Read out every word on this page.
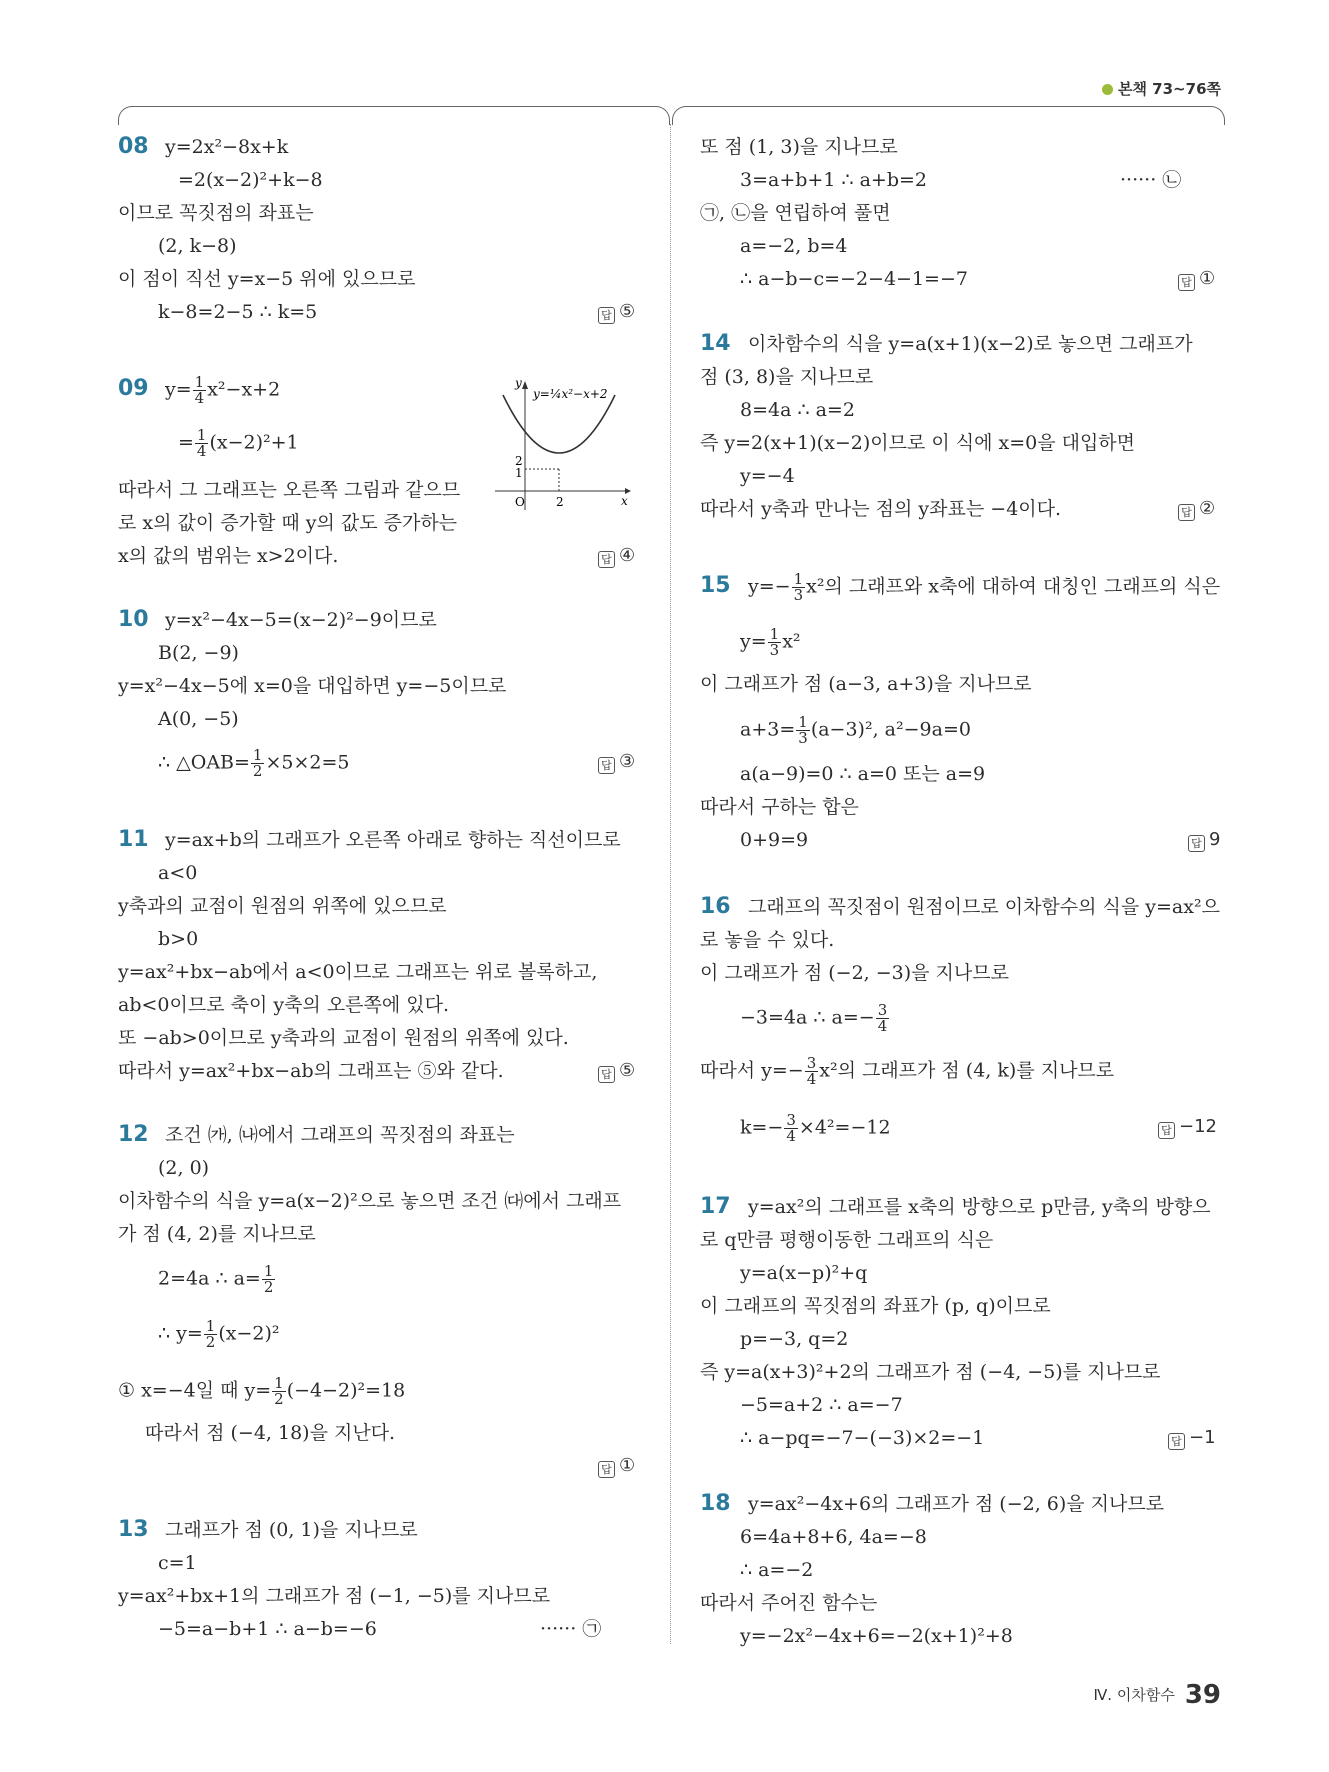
본책 73~76쪽
08 y=2x²−8x+k
=2(x−2)²+k−8
이므로 꼭짓점의 좌표는
(2, k−8)
이 점이 직선 y=x−5 위에 있으므로
k−8=2−5 ∴ k=5	답 ⑤
09 $y= \frac{1}{4} x^2-x+2$
= $\frac{1}{4} (x-2)^2+1$
따라서 그 그래프는 오른쪽 그림과 같으므
로 x의 값이 증가할 때 y의 값도 증가하는
x의 값의 범위는 x>2이다.	답 ④
y
y=¼x²−x+2
O	2
2
1
x
10 y=x²−4x−5=(x−2)²−9이므로
B(2, −9)
y=x²−4x−5에 x=0을 대입하면 y=−5이므로
A(0, −5)
∴ △OAB= $\frac{1}{2} \times 5\times 2=5$	답 ③
11 y=ax+b의 그래프가 오른쪽 아래로 향하는 직선이므로
a<0
y축과의 교점이 원점의 위쪽에 있으므로
b>0
y=ax²+bx−ab에서 a<0이므로 그래프는 위로 볼록하고,
ab<0이므로 축이 y축의 오른쪽에 있다.
또 −ab>0이므로 y축과의 교점이 원점의 위쪽에 있다.
따라서 y=ax²+bx−ab의 그래프는 ⑤와 같다.	답 ⑤
12 조건 ㈎, ㈏에서 그래프의 꼭짓점의 좌표는
(2, 0)
이차함수의 식을 y=a(x−2)²으로 놓으면 조건 ㈐에서 그래프
가 점 (4, 2)를 지나므로
2=4a ∴ $a= \frac{1}{2}$
∴ $y= \frac{1}{2} (x-2)^2$
① x=−4일 때 $y= \frac{1}{2} (-4-2)^2=18$
따라서 점 (−4, 18)을 지난다.
답 ①
13 그래프가 점 (0, 1)을 지나므로
c=1
y=ax²+bx+1의 그래프가 점 (−1, −5)를 지나므로
−5=a−b+1 ∴ a−b=−6	······ ㉠
또 점 (1, 3)을 지나므로
3=a+b+1 ∴ a+b=2	······ ㉡
㉠, ㉡을 연립하여 풀면
a=−2, b=4
∴ a−b−c=−2−4−1=−7	답 ①
14 이차함수의 식을 y=a(x+1)(x−2)로 놓으면 그래프가
점 (3, 8)을 지나므로
8=4a ∴ a=2
즉 y=2(x+1)(x−2)이므로 이 식에 x=0을 대입하면
y=−4
따라서 y축과 만나는 점의 y좌표는 −4이다.	답 ②
15 $y=- \frac{1}{3} x^2$의 그래프와 x축에 대하여 대칭인 그래프의 식은
$y= \frac{1}{3} x^2$
이 그래프가 점 (a−3, a+3)을 지나므로
$a+3= \frac{1}{3} (a-3)^2$, a²−9a=0
a(a−9)=0 ∴ a=0 또는 a=9
따라서 구하는 합은
0+9=9	답 9
16 그래프의 꼭짓점이 원점이므로 이차함수의 식을 y=ax²으
로 놓을 수 있다.
이 그래프가 점 (−2, −3)을 지나므로
−3=4a ∴ $a=- \frac{3}{4}$
따라서 $y=- \frac{3}{4} x^2$의 그래프가 점 (4, k)를 지나므로
$k=- \frac{3}{4} \times 4^2=-12$	답 −12
17 y=ax²의 그래프를 x축의 방향으로 p만큼, y축의 방향으
로 q만큼 평행이동한 그래프의 식은
y=a(x−p)²+q
이 그래프의 꼭짓점의 좌표가 (p, q)이므로
p=−3, q=2
즉 y=a(x+3)²+2의 그래프가 점 (−4, −5)를 지나므로
−5=a+2 ∴ a=−7
∴ a−pq=−7−(−3)×2=−1	답 −1
18 y=ax²−4x+6의 그래프가 점 (−2, 6)을 지나므로
6=4a+8+6, 4a=−8
∴ a=−2
따라서 주어진 함수는
y=−2x²−4x+6=−2(x+1)²+8
Ⅳ. 이차함수 39
